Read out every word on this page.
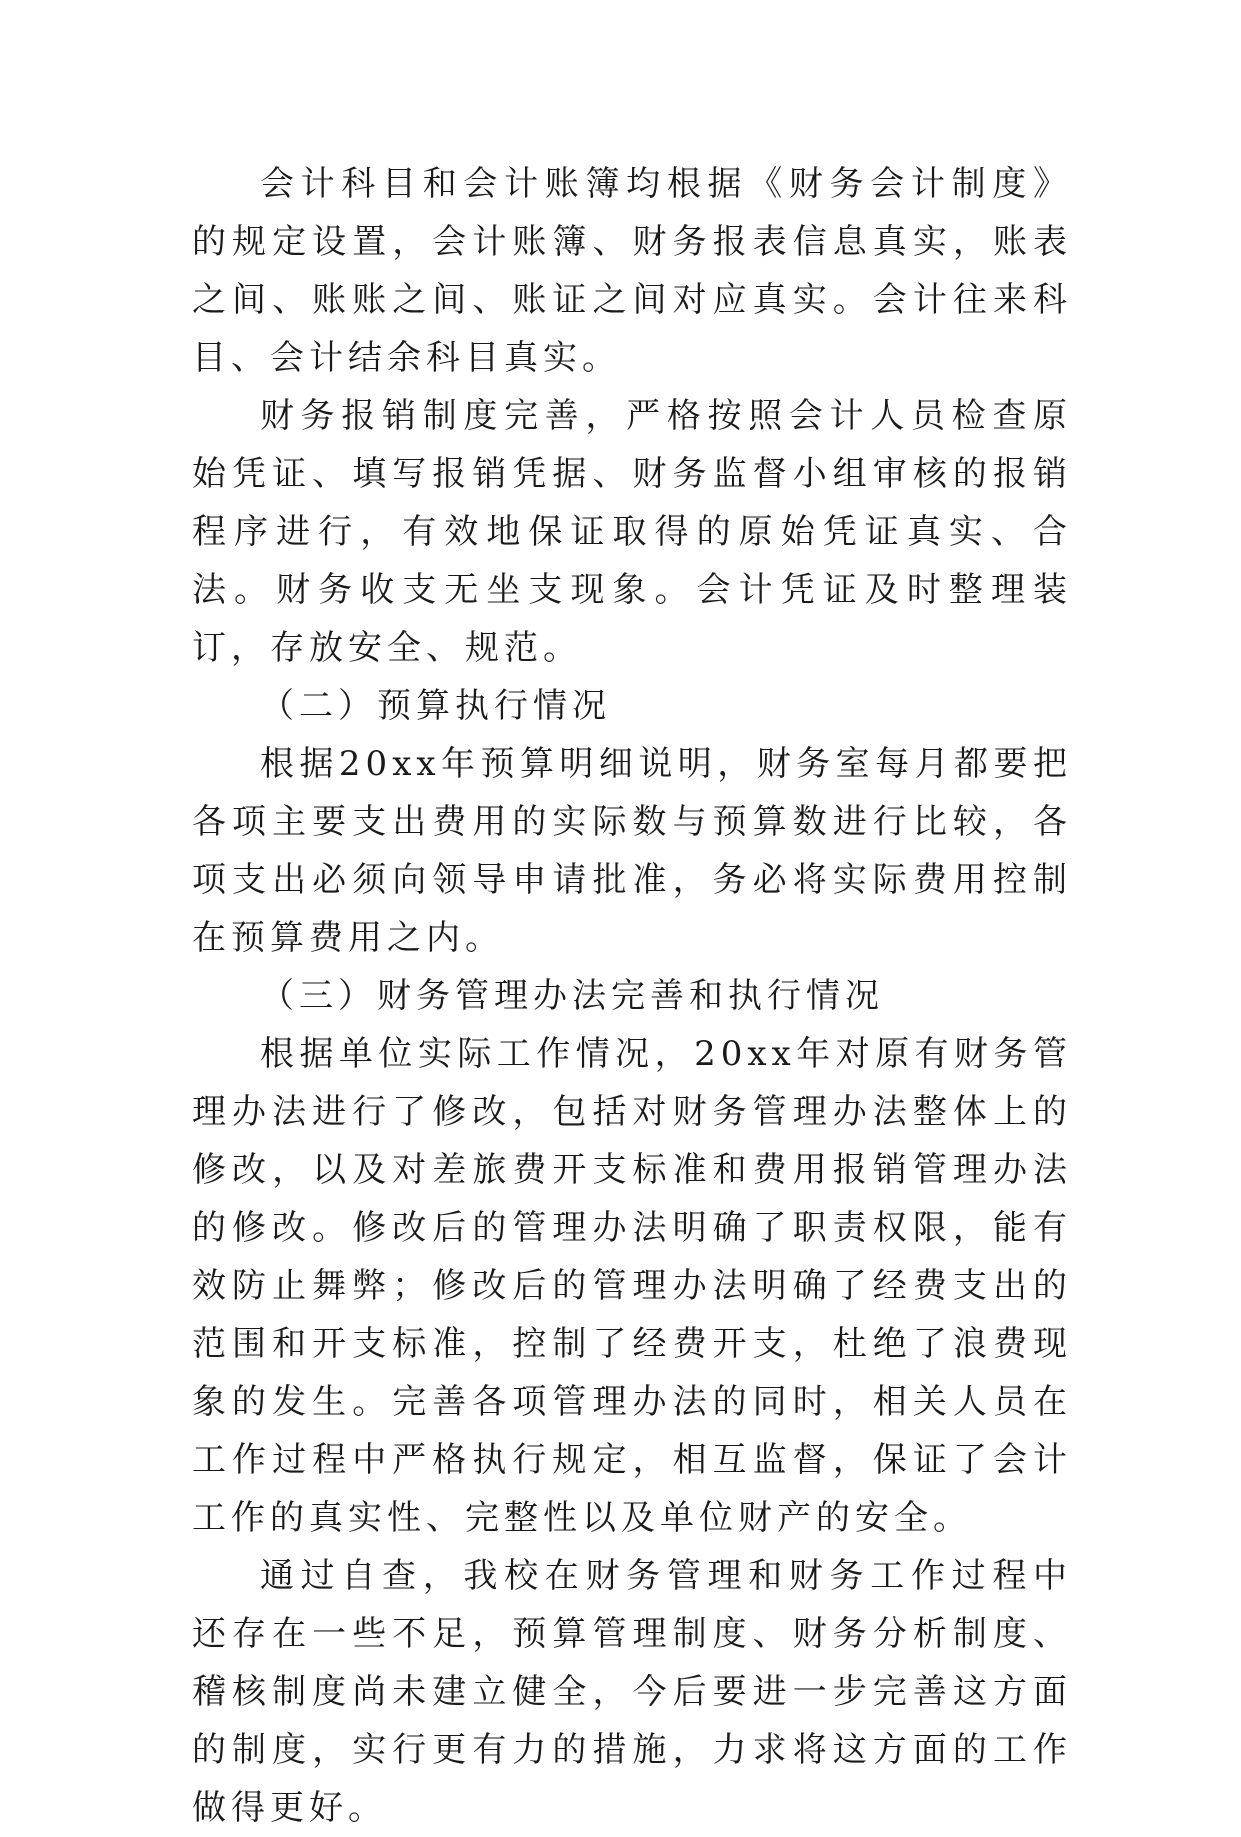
会计科目和会计账簿均根据《财务会计制度》的规定设置，会计账簿、财务报表信息真实，账表之间、账账之间、账证之间对应真实。会计往来科目、会计结余科目真实。

财务报销制度完善，严格按照会计人员检查原始凭证、填写报销凭据、财务监督小组审核的报销程序进行，有效地保证取得的原始凭证真实、合法。财务收支无坐支现象。会计凭证及时整理装订，存放安全、规范。

（二）预算执行情况

根据20xx年预算明细说明，财务室每月都要把各项主要支出费用的实际数与预算数进行比较，各项支出必须向领导申请批准，务必将实际费用控制在预算费用之内。

（三）财务管理办法完善和执行情况

根据单位实际工作情况，20xx年对原有财务管理办法进行了修改，包括对财务管理办法整体上的修改，以及对差旅费开支标准和费用报销管理办法的修改。修改后的管理办法明确了职责权限，能有效防止舞弊；修改后的管理办法明确了经费支出的范围和开支标准，控制了经费开支，杜绝了浪费现象的发生。完善各项管理办法的同时，相关人员在工作过程中严格执行规定，相互监督，保证了会计工作的真实性、完整性以及单位财产的安全。

通过自查，我校在财务管理和财务工作过程中还存在一些不足，预算管理制度、财务分析制度、稽核制度尚未建立健全，今后要进一步完善这方面的制度，实行更有力的措施，力求将这方面的工作做得更好。
